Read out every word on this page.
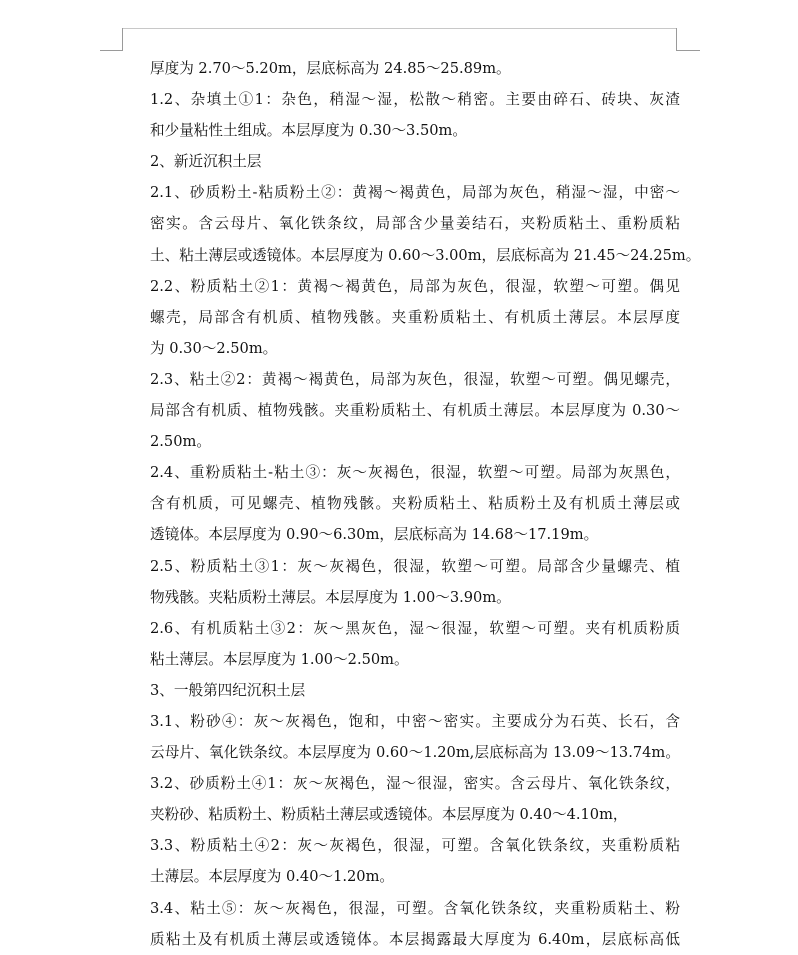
厚度为 2.70～5.20m，层底标高为 24.85～25.89m。
1.2、杂填土①1：杂色，稍湿～湿，松散～稍密。主要由碎石、砖块、灰渣
和少量粘性土组成。本层厚度为 0.30～3.50m。
2、新近沉积土层
2.1、砂质粉土-粘质粉土②：黄褐～褐黄色，局部为灰色，稍湿～湿，中密～
密实。含云母片、氧化铁条纹，局部含少量姜结石，夹粉质粘土、重粉质粘
土、粘土薄层或透镜体。本层厚度为 0.60～3.00m，层底标高为 21.45～24.25m。
2.2、粉质粘土②1：黄褐～褐黄色，局部为灰色，很湿，软塑～可塑。偶见
螺壳，局部含有机质、植物残骸。夹重粉质粘土、有机质土薄层。本层厚度
为 0.30～2.50m。
2.3、粘土②2：黄褐～褐黄色，局部为灰色，很湿，软塑～可塑。偶见螺壳，
局部含有机质、植物残骸。夹重粉质粘土、有机质土薄层。本层厚度为 0.30～
2.50m。
2.4、重粉质粘土-粘土③：灰～灰褐色，很湿，软塑～可塑。局部为灰黑色，
含有机质，可见螺壳、植物残骸。夹粉质粘土、粘质粉土及有机质土薄层或
透镜体。本层厚度为 0.90～6.30m，层底标高为 14.68～17.19m。
2.5、粉质粘土③1：灰～灰褐色，很湿，软塑～可塑。局部含少量螺壳、植
物残骸。夹粘质粉土薄层。本层厚度为 1.00～3.90m。
2.6、有机质粘土③2：灰～黑灰色，湿～很湿，软塑～可塑。夹有机质粉质
粘土薄层。本层厚度为 1.00～2.50m。
3、一般第四纪沉积土层
3.1、粉砂④：灰～灰褐色，饱和，中密～密实。主要成分为石英、长石，含
云母片、氧化铁条纹。本层厚度为 0.60～1.20m,层底标高为 13.09～13.74m。
3.2、砂质粉土④1：灰～灰褐色，湿～很湿，密实。含云母片、氧化铁条纹，
夹粉砂、粘质粉土、粉质粘土薄层或透镜体。本层厚度为 0.40～4.10m，
3.3、粉质粘土④2：灰～灰褐色，很湿，可塑。含氧化铁条纹，夹重粉质粘
土薄层。本层厚度为 0.40～1.20m。
3.4、粘土⑤：灰～灰褐色，很湿，可塑。含氧化铁条纹，夹重粉质粘土、粉
质粘土及有机质土薄层或透镜体。本层揭露最大厚度为 6.40m，层底标高低
